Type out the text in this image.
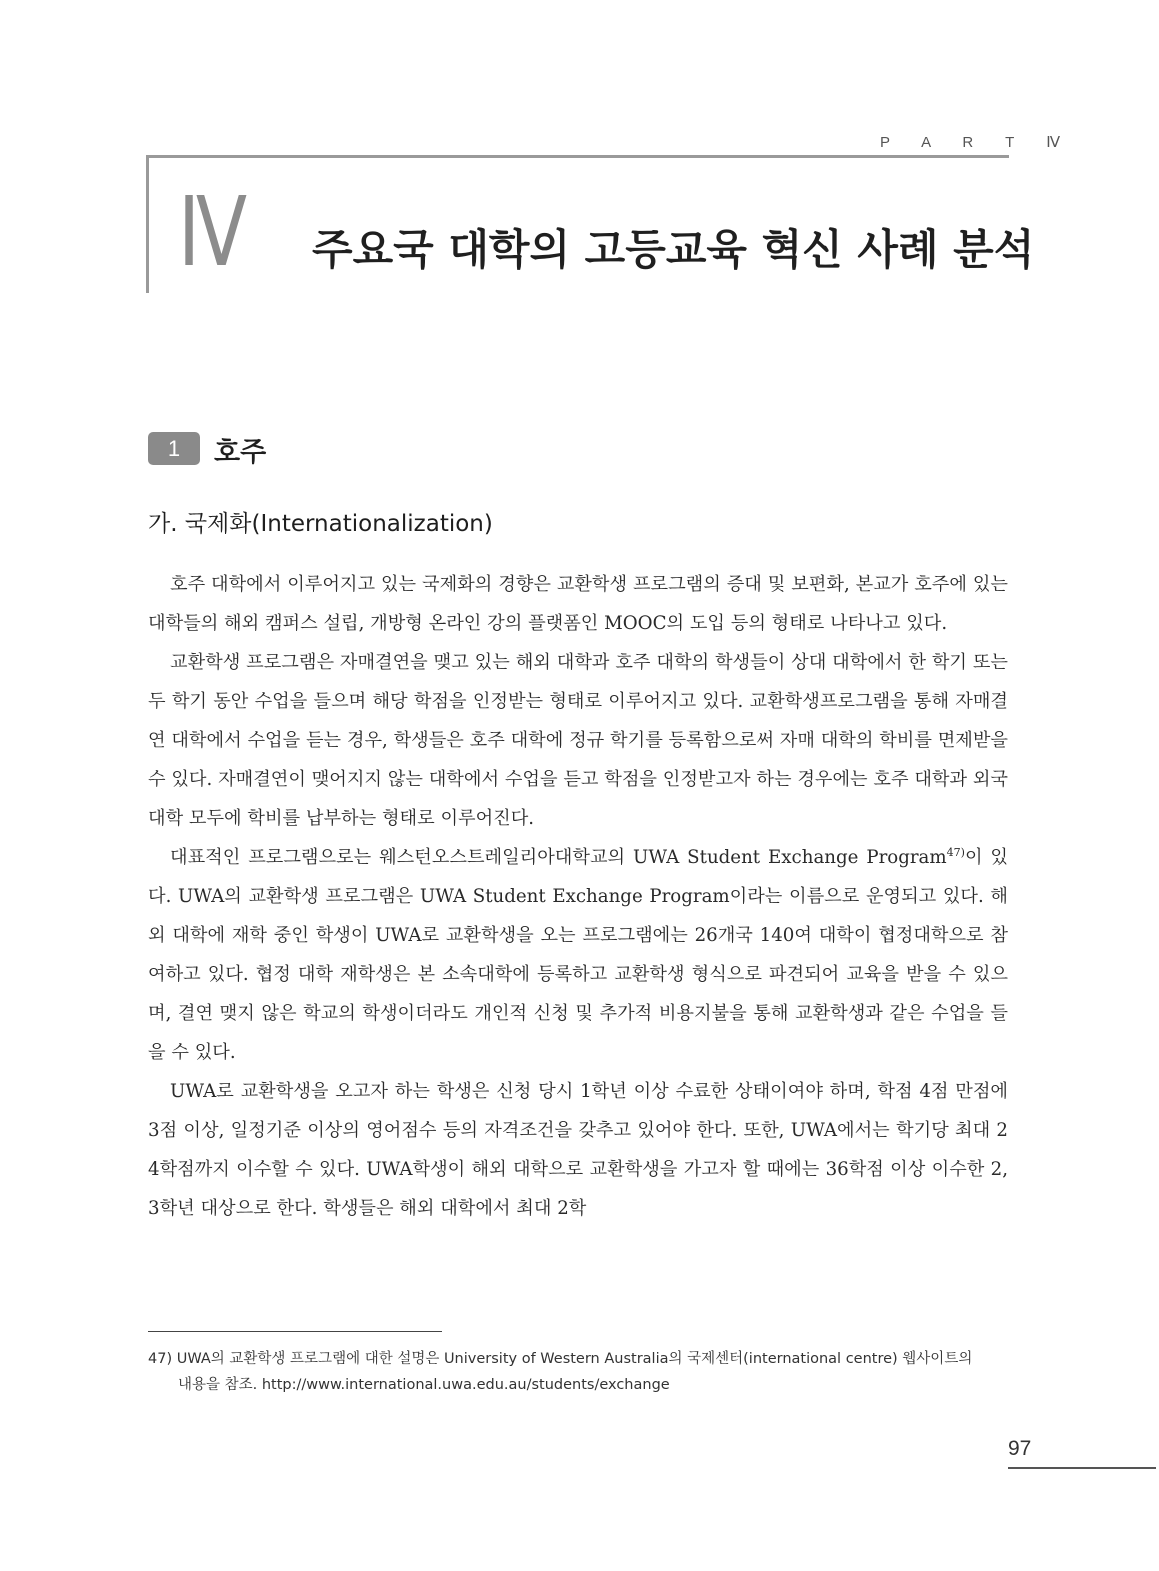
P A R T Ⅳ
Ⅳ 주요국 대학의 고등교육 혁신 사례 분석
1	호주
가. 국제화(Internationalization)

호주 대학에서 이루어지고 있는 국제화의 경향은 교환학생 프로그램의 증대 및 보편화, 본교가 호주에 있는 대학들의 해외 캠퍼스 설립, 개방형 온라인 강의 플랫폼인 MOOC의 도입 등의 형태로 나타나고 있다.

교환학생 프로그램은 자매결연을 맺고 있는 해외 대학과 호주 대학의 학생들이 상대 대학에서 한 학기 또는 두 학기 동안 수업을 들으며 해당 학점을 인정받는 형태로 이루어지고 있다. 교환학생프로그램을 통해 자매결연 대학에서 수업을 듣는 경우, 학생들은 호주 대학에 정규 학기를 등록함으로써 자매 대학의 학비를 면제받을 수 있다. 자매결연이 맺어지지 않는 대학에서 수업을 듣고 학점을 인정받고자 하는 경우에는 호주 대학과 외국 대학 모두에 학비를 납부하는 형태로 이루어진다.

대표적인 프로그램으로는 웨스턴오스트레일리아대학교의 UWA Student Exchange Program$^{47)}$이 있다. UWA의 교환학생 프로그램은 UWA Student Exchange Program이라는 이름으로 운영되고 있다. 해외 대학에 재학 중인 학생이 UWA로 교환학생을 오는 프로그램에는 26개국 140여 대학이 협정대학으로 참여하고 있다. 협정 대학 재학생은 본 소속대학에 등록하고 교환학생 형식으로 파견되어 교육을 받을 수 있으며, 결연 맺지 않은 학교의 학생이더라도 개인적 신청 및 추가적 비용지불을 통해 교환학생과 같은 수업을 들을 수 있다.

UWA로 교환학생을 오고자 하는 학생은 신청 당시 1학년 이상 수료한 상태이여야 하며, 학점 4점 만점에 3점 이상, 일정기준 이상의 영어점수 등의 자격조건을 갖추고 있어야 한다. 또한, UWA에서는 학기당 최대 24학점까지 이수할 수 있다. UWA학생이 해외 대학으로 교환학생을 가고자 할 때에는 36학점 이상 이수한 2, 3학년 대상으로 한다. 학생들은 해외 대학에서 최대 2학

47) UWA의 교환학생 프로그램에 대한 설명은 University of Western Australia의 국제센터(international centre) 웹사이트의
내용을 참조. http://www.international.uwa.edu.au/students/exchange
97
